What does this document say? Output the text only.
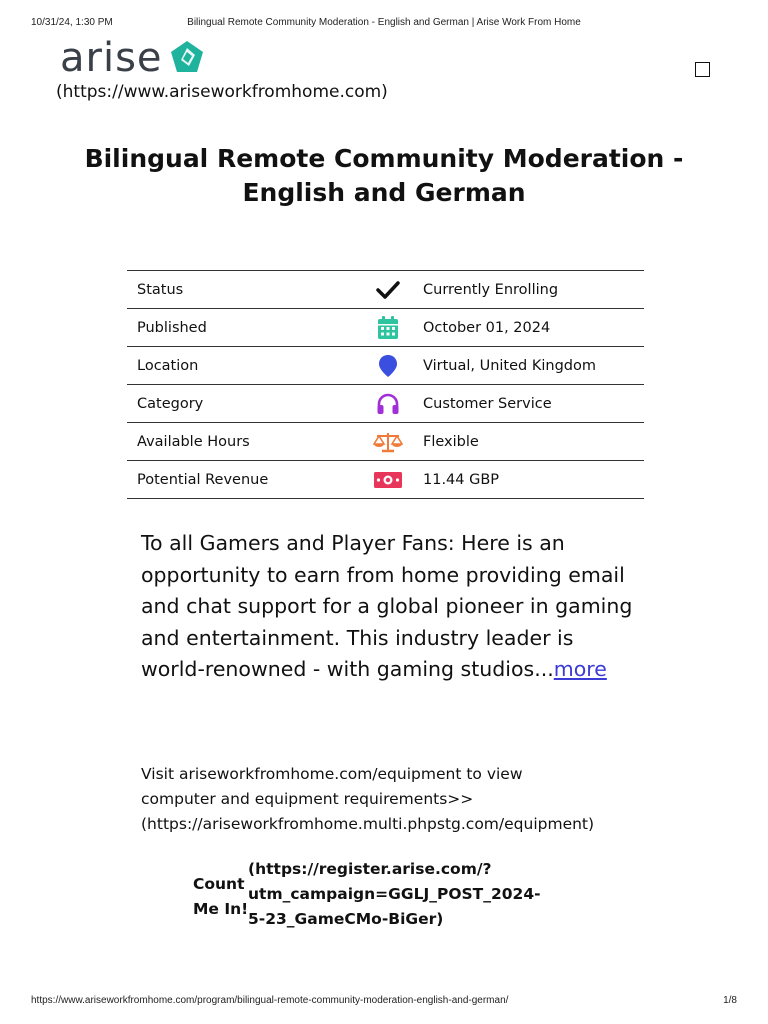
10/31/24, 1:30 PM	Bilingual Remote Community Moderation - English and German | Arise Work From Home
arise
(https://www.ariseworkfromhome.com)
Bilingual Remote Community Moderation - English and German
Status		Currently Enrolling
Published		October 01, 2024
Location		Virtual, United Kingdom
Category		Customer Service
Available Hours		Flexible
Potential Revenue		11.44 GBP
To all Gamers and Player Fans: Here is an opportunity to earn from home providing email and chat support for a global pioneer in gaming and entertainment. This industry leader is world-renowned - with gaming studios...more
Visit ariseworkfromhome.com/equipment to view
computer and equipment requirements>>
(https://ariseworkfromhome.multi.phpstg.com/equipment)
Count
Me In!
(https://register.arise.com/?
utm_campaign=GGLJ_POST_2024-
5-23_GameCMo-BiGer)
https://www.ariseworkfromhome.com/program/bilingual-remote-community-moderation-english-and-german/	1/8
